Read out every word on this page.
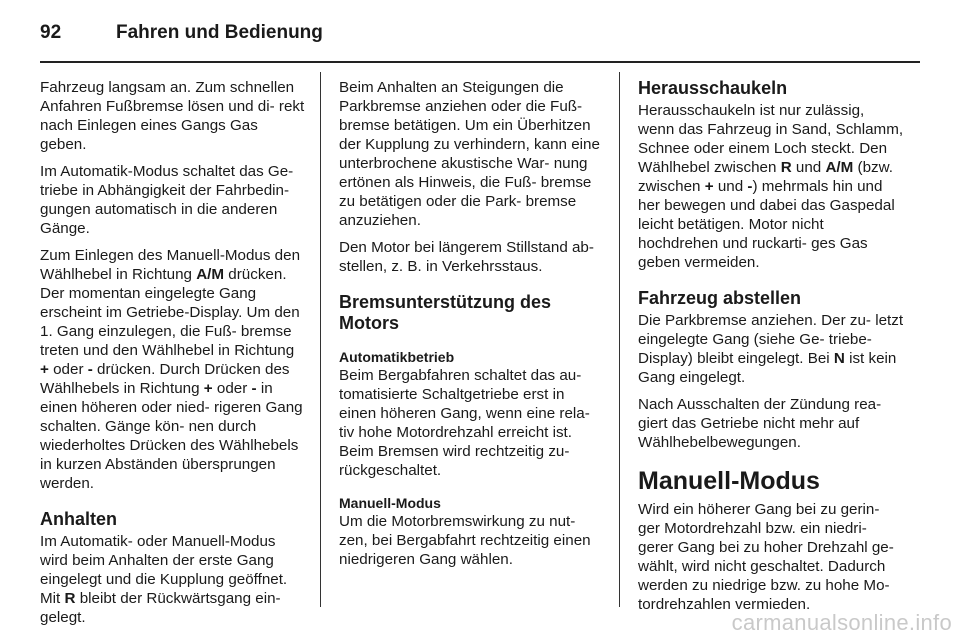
92	Fahren und Bedienung

Fahrzeug langsam an. Zum schnellen Anfahren Fußbremse lösen und di- rekt nach Einlegen eines Gangs Gas geben.

Im Automatik-Modus schaltet das Ge- triebe in Abhängigkeit der Fahrbedin- gungen automatisch in die anderen Gänge.

Zum Einlegen des Manuell-Modus den Wählhebel in Richtung A/M drücken. Der momentan eingelegte Gang erscheint im Getriebe-Display. Um den 1. Gang einzulegen, die Fuß- bremse treten und den Wählhebel in Richtung + oder - drücken. Durch Drücken des Wählhebels in Richtung + oder - in einen höheren oder nied- rigeren Gang schalten. Gänge kön- nen durch wiederholtes Drücken des Wählhebels in kurzen Abständen übersprungen werden.

Anhalten

Im Automatik- oder Manuell-Modus wird beim Anhalten der erste Gang eingelegt und die Kupplung geöffnet. Mit R bleibt der Rückwärtsgang ein- gelegt.

Beim Anhalten an Steigungen die Parkbremse anziehen oder die Fuß- bremse betätigen. Um ein Überhitzen der Kupplung zu verhindern, kann eine unterbrochene akustische War- nung ertönen als Hinweis, die Fuß- bremse zu betätigen oder die Park- bremse anzuziehen.

Den Motor bei längerem Stillstand ab- stellen, z. B. in Verkehrsstaus.

Bremsunterstützung des Motors
Automatikbetrieb

Beim Bergabfahren schaltet das au- tomatisierte Schaltgetriebe erst in einen höheren Gang, wenn eine rela- tiv hohe Motordrehzahl erreicht ist. Beim Bremsen wird rechtzeitig zu- rückgeschaltet.

Manuell-Modus

Um die Motorbremswirkung zu nut- zen, bei Bergabfahrt rechtzeitig einen niedrigeren Gang wählen.

Herausschaukeln

Herausschaukeln ist nur zulässig, wenn das Fahrzeug in Sand, Schlamm, Schnee oder einem Loch steckt. Den Wählhebel zwischen R und A/M (bzw. zwischen + und -) mehrmals hin und her bewegen und dabei das Gaspedal leicht betätigen. Motor nicht hochdrehen und ruckarti- ges Gas geben vermeiden.

Fahrzeug abstellen

Die Parkbremse anziehen. Der zu- letzt eingelegte Gang (siehe Ge- triebe-Display) bleibt eingelegt. Bei N ist kein Gang eingelegt.

Nach Ausschalten der Zündung rea- giert das Getriebe nicht mehr auf Wählhebelbewegungen.

Manuell-Modus

Wird ein höherer Gang bei zu gerin- ger Motordrehzahl bzw. ein niedri- gerer Gang bei zu hoher Drehzahl ge- wählt, wird nicht geschaltet. Dadurch werden zu niedrige bzw. zu hohe Mo- tordrehzahlen vermieden.

carmanualsonline.info
